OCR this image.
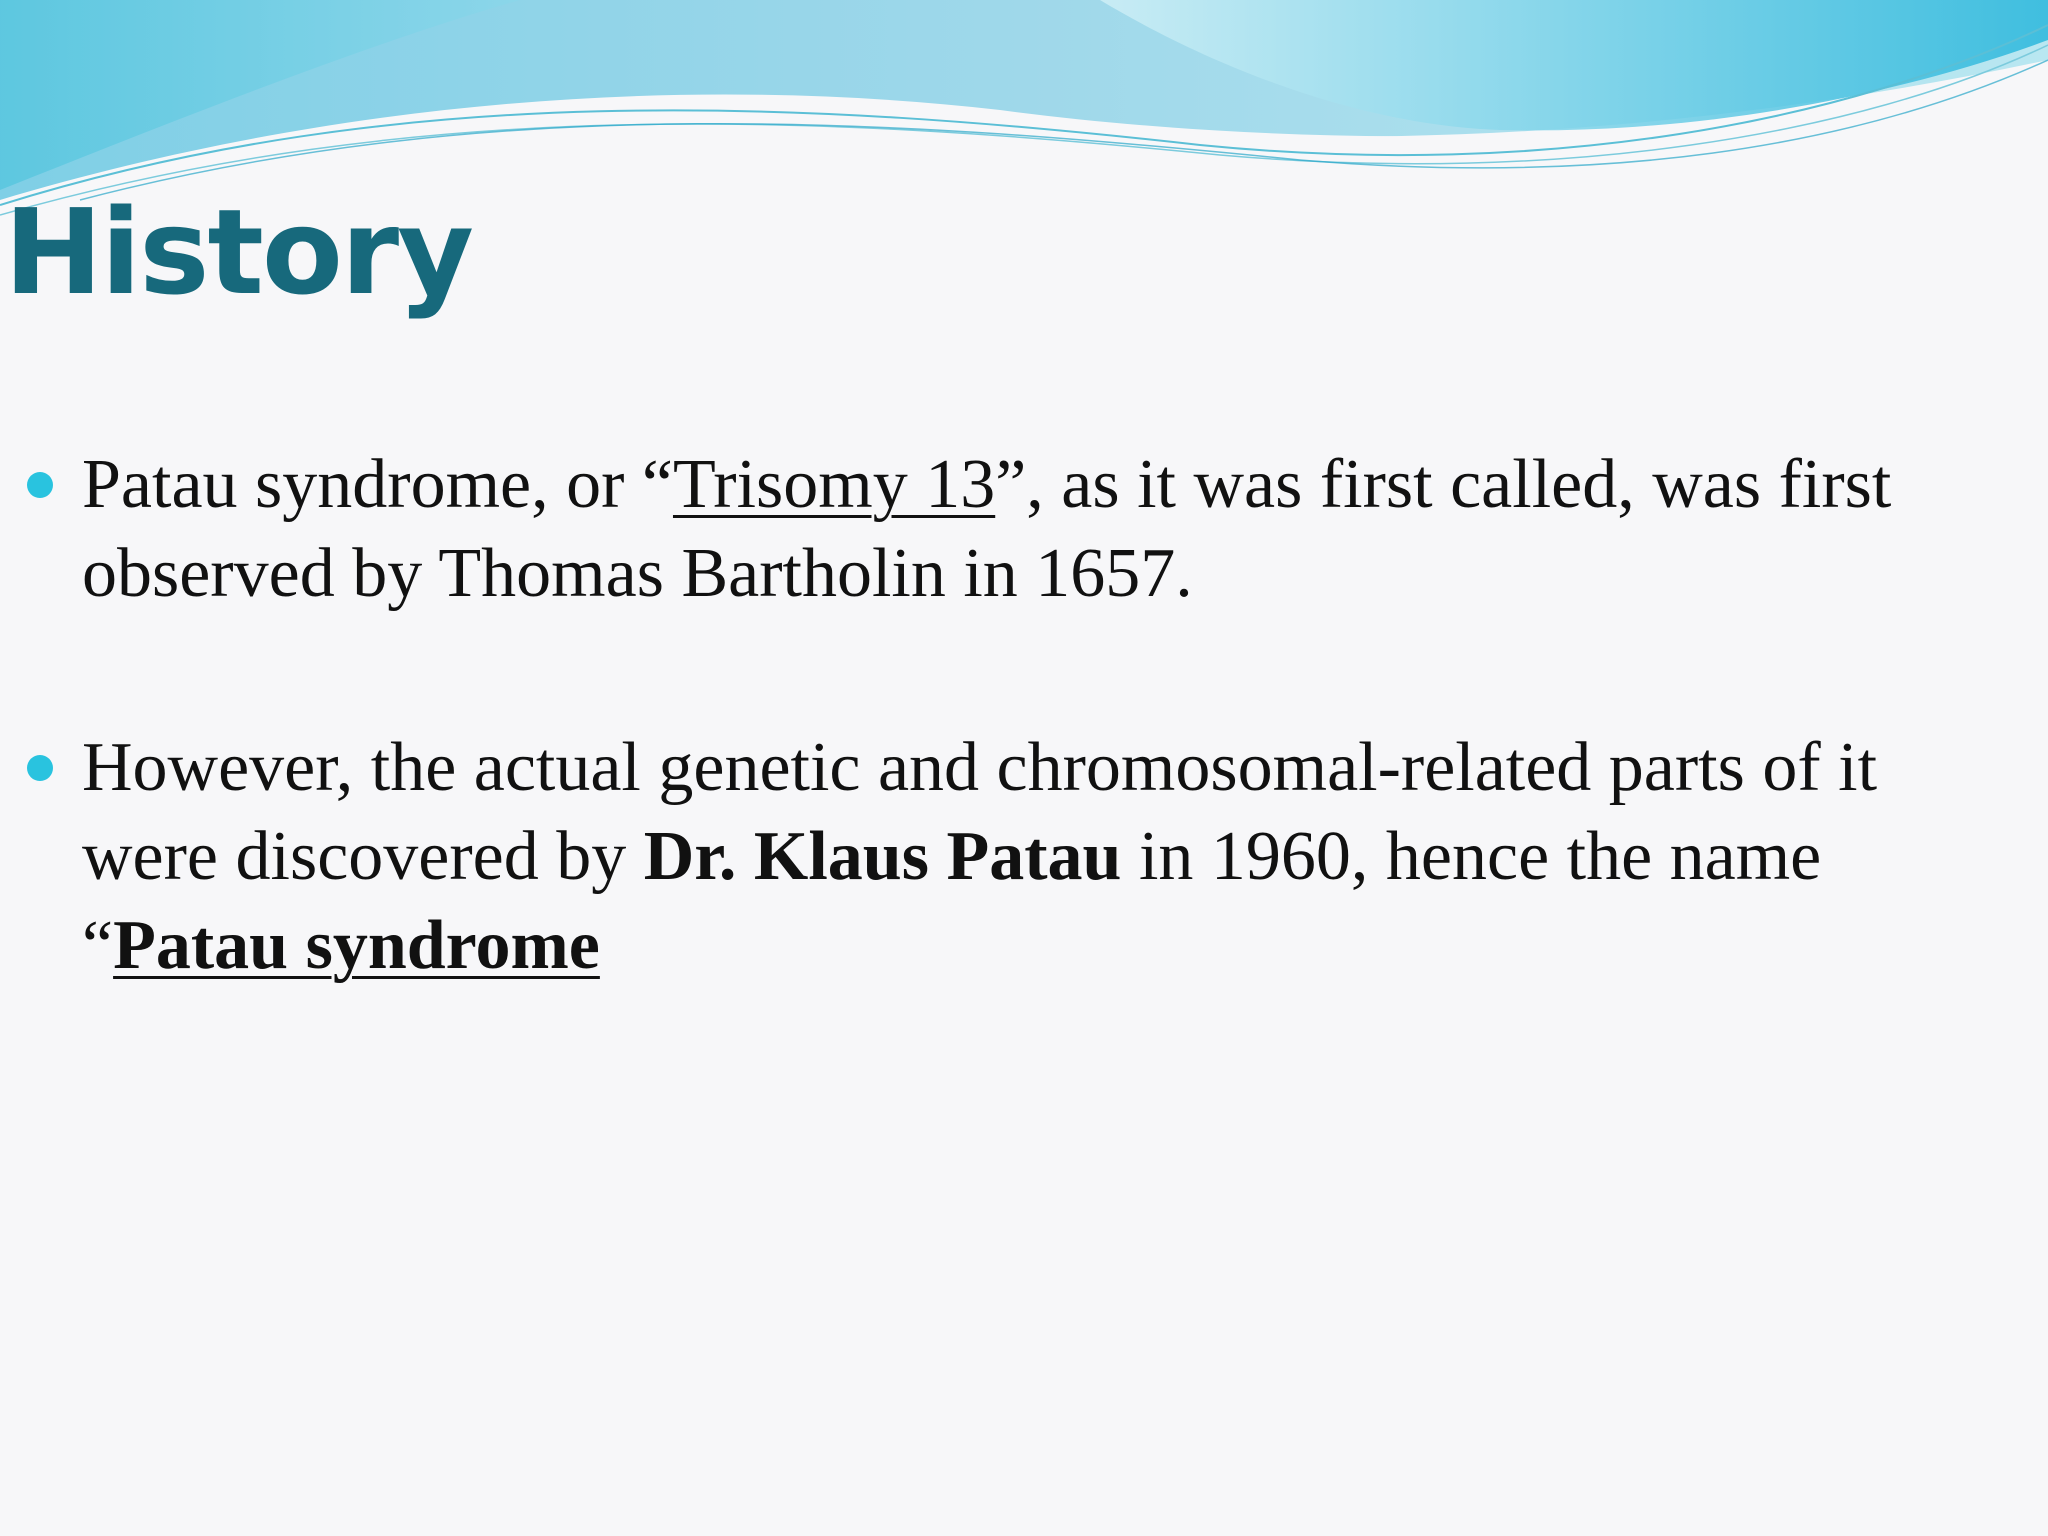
History
Patau syndrome, or “Trisomy 13”, as it was first called, was first observed by Thomas Bartholin in 1657.
However, the actual genetic and chromosomal-related parts of it were discovered by Dr. Klaus Patau in 1960, hence the name “Patau syndrome
